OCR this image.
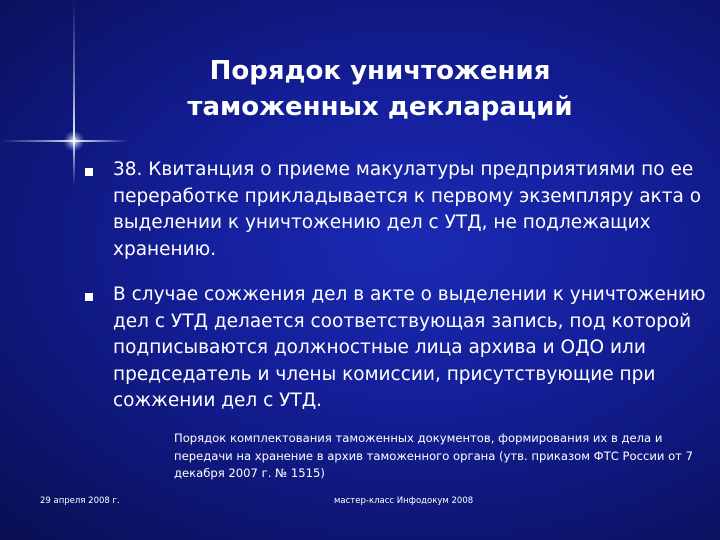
Порядок уничтожения
таможенных деклараций
38. Квитанция о приеме макулатуры предприятиями по ее переработке прикладывается к первому экземпляру акта о выделении к уничтожению дел с УТД, не подлежащих хранению.
В случае сожжения дел в акте о выделении к уничтожению дел с УТД делается соответствующая запись, под которой подписываются должностные лица архива и ОДО или председатель и члены комиссии, присутствующие при сожжении дел с УТД.
Порядок комплектования таможенных документов, формирования их в дела и передачи на хранение в архив таможенного органа (утв. приказом ФТС России от 7 декабря 2007 г. № 1515)
29 апреля 2008 г.	мастер-класс Инфодокум 2008
